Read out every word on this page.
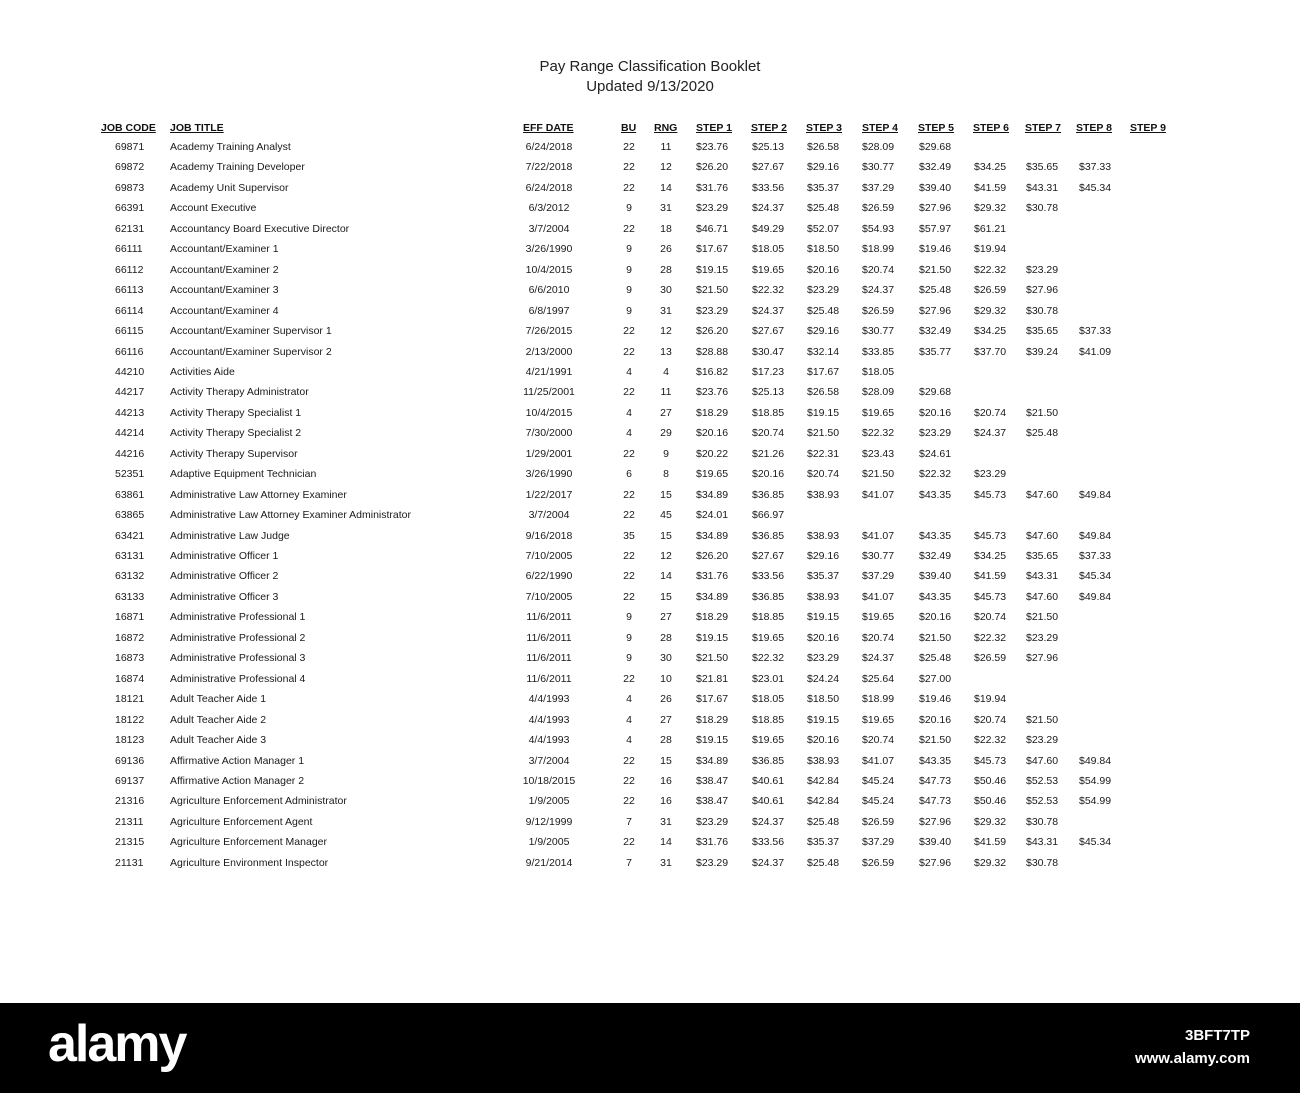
Pay Range Classification Booklet
Updated 9/13/2020
JOB CODE JOB TITLE	EFF DATE	BU RNG STEP 1 STEP 2 STEP 3 STEP 4 STEP 5 STEP 6 STEP 7 STEP 8 STEP 9
69871 Academy Training Analyst	6/24/2018	22	11	$23.76 $25.13 $26.58 $28.09 $29.68
69872 Academy Training Developer	7/22/2018	22	12	$26.20 $27.67 $29.16 $30.77 $32.49 $34.25 $35.65 $37.33
69873 Academy Unit Supervisor	6/24/2018	22	14	$31.76 $33.56 $35.37 $37.29 $39.40 $41.59 $43.31 $45.34
66391 Account Executive	6/3/2012	9	31	$23.29 $24.37 $25.48 $26.59 $27.96 $29.32 $30.78
62131 Accountancy Board Executive Director	3/7/2004	22	18	$46.71 $49.29 $52.07 $54.93 $57.97 $61.21
66111	Accountant/Examiner 1	3/26/1990	9	26	$17.67 $18.05 $18.50 $18.99 $19.46 $19.94
66112	Accountant/Examiner 2	10/4/2015	9	28	$19.15 $19.65 $20.16 $20.74 $21.50 $22.32 $23.29
66113	Accountant/Examiner 3	6/6/2010	9	30	$21.50 $22.32 $23.29 $24.37 $25.48 $26.59 $27.96
66114	Accountant/Examiner 4	6/8/1997	9	31	$23.29 $24.37 $25.48 $26.59 $27.96 $29.32 $30.78
66115	Accountant/Examiner Supervisor 1	7/26/2015	22	12	$26.20 $27.67 $29.16 $30.77 $32.49 $34.25 $35.65 $37.33
66116	Accountant/Examiner Supervisor 2	2/13/2000	22	13	$28.88 $30.47 $32.14 $33.85 $35.77 $37.70 $39.24 $41.09
44210 Activities Aide	4/21/1991	4	4	$16.82 $17.23 $17.67 $18.05
44217 Activity Therapy Administrator	11/25/2001	22	11	$23.76 $25.13 $26.58 $28.09 $29.68
44213 Activity Therapy Specialist 1	10/4/2015	4	27	$18.29 $18.85 $19.15 $19.65 $20.16 $20.74 $21.50
44214 Activity Therapy Specialist 2	7/30/2000	4	29	$20.16 $20.74 $21.50 $22.32 $23.29 $24.37 $25.48
44216 Activity Therapy Supervisor	1/29/2001	22	9	$20.22 $21.26 $22.31 $23.43 $24.61
52351 Adaptive Equipment Technician	3/26/1990	6	8	$19.65 $20.16 $20.74 $21.50 $22.32 $23.29
63861 Administrative Law Attorney Examiner	1/22/2017	22	15	$34.89 $36.85 $38.93 $41.07 $43.35 $45.73 $47.60 $49.84
63865 Administrative Law Attorney Examiner Administrator	3/7/2004	22	45	$24.01 $66.97
63421 Administrative Law Judge	9/16/2018	35	15	$34.89 $36.85 $38.93 $41.07 $43.35 $45.73 $47.60 $49.84
63131 Administrative Officer 1	7/10/2005	22	12	$26.20 $27.67 $29.16 $30.77 $32.49 $34.25 $35.65 $37.33
63132 Administrative Officer 2	6/22/1990	22	14	$31.76 $33.56 $35.37 $37.29 $39.40 $41.59 $43.31 $45.34
63133 Administrative Officer 3	7/10/2005	22	15	$34.89 $36.85 $38.93 $41.07 $43.35 $45.73 $47.60 $49.84
16871 Administrative Professional 1	11/6/2011	9	27	$18.29 $18.85 $19.15 $19.65 $20.16 $20.74 $21.50
16872 Administrative Professional 2	11/6/2011	9	28	$19.15 $19.65 $20.16 $20.74 $21.50 $22.32 $23.29
16873 Administrative Professional 3	11/6/2011	9	30	$21.50 $22.32 $23.29 $24.37 $25.48 $26.59 $27.96
16874 Administrative Professional 4	11/6/2011	22	10	$21.81 $23.01 $24.24 $25.64 $27.00
18121 Adult Teacher Aide 1	4/4/1993	4	26	$17.67 $18.05 $18.50 $18.99 $19.46 $19.94
18122 Adult Teacher Aide 2	4/4/1993	4	27	$18.29 $18.85 $19.15 $19.65 $20.16 $20.74 $21.50
18123 Adult Teacher Aide 3	4/4/1993	4	28	$19.15 $19.65 $20.16 $20.74 $21.50 $22.32 $23.29
69136 Affirmative Action Manager 1	3/7/2004	22	15	$34.89 $36.85 $38.93 $41.07 $43.35 $45.73 $47.60 $49.84
69137 Affirmative Action Manager 2	10/18/2015	22	16	$38.47 $40.61 $42.84 $45.24 $47.73 $50.46 $52.53 $54.99
21316 Agriculture Enforcement Administrator	1/9/2005	22	16	$38.47 $40.61 $42.84 $45.24 $47.73 $50.46 $52.53 $54.99
21311	Agriculture Enforcement Agent	9/12/1999	7	31	$23.29 $24.37 $25.48 $26.59 $27.96 $29.32 $30.78
21315 Agriculture Enforcement Manager	1/9/2005	22	14	$31.76 $33.56 $35.37 $37.29 $39.40 $41.59 $43.31 $45.34
21131	Agriculture Environment Inspector	9/21/2014	7	31	$23.29 $24.37 $25.48 $26.59 $27.96 $29.32 $30.78
alamy	3BFT7TP
www.alamy.com
